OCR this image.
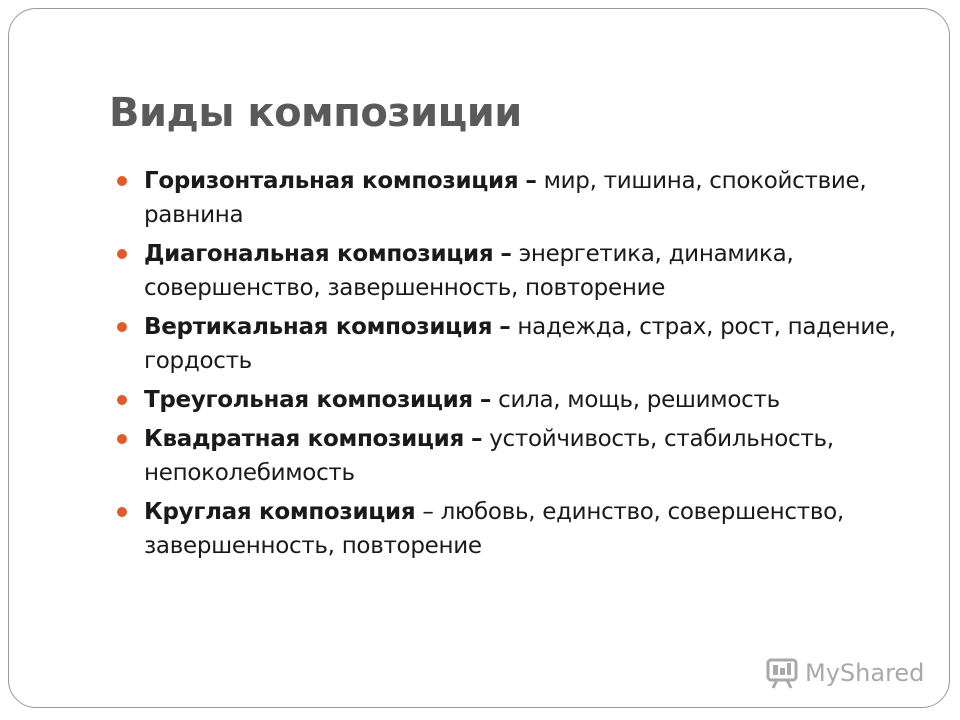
Виды композиции
Горизонтальная композиция – мир, тишина, спокойствие, равнина
Диагональная композиция – энергетика, динамика, совершенство, завершенность, повторение
Вертикальная композиция – надежда, страх, рост, падение, гордость
Треугольная композиция – сила, мощь, решимость
Квадратная композиция – устойчивость, стабильность, непоколебимость
Круглая композиция – любовь, единство, совершенство, завершенность, повторение
MyShared
